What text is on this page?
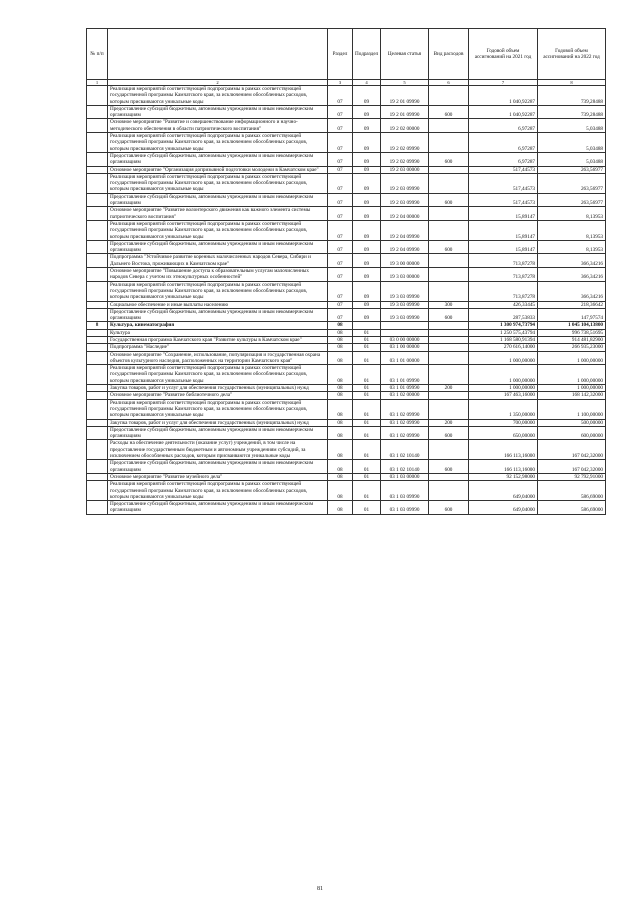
№ п/п		Раздел	Подраздел	Целевая статья	Вид расходов	Годовой объем ассигнований на 2021 год	Годовой объем ассигнований на 2022 год
1	2	3	4	5	6	7	8
	Реализация мероприятий соответствующей подпрограммы в рамках соответствующей государственной программы Камчатского края, за исключением обособленных расходов, которым присваиваются уникальные коды	07	09	19 2 01 09990		1 040,92287	739,28488
	Предоставление субсидий бюджетным, автономным учреждениям и иным некоммерческим организациям	07	09	19 2 01 09990	600	1 040,92287	739,28488
	Основное мероприятие "Развитие и совершенствование информационного и научно-методического обеспечения в области патриотического воспитания"	07	09	19 2 02 00000		6,97287	5,03488
	Реализация мероприятий соответствующей подпрограммы в рамках соответствующей государственной программы Камчатского края, за исключением обособленных расходов, которым присваиваются уникальные коды	07	09	19 2 02 09990		6,97287	5,03488
	Предоставление субсидий бюджетным, автономным учреждениям и иным некоммерческим организациям	07	09	19 2 02 09990	600	6,97287	5,03488
	Основное мероприятие "Организация допризывной подготовки молодежи в Камчатском крае"	07	09	19 2 03 00000		517,44573	263,56977
	Реализация мероприятий соответствующей подпрограммы в рамках соответствующей государственной программы Камчатского края, за исключением обособленных расходов, которым присваиваются уникальные коды	07	09	19 2 03 09990		517,44573	263,56977
	Предоставление субсидий бюджетным, автономным учреждениям и иным некоммерческим организациям	07	09	19 2 03 09990	600	517,44573	263,56977
	Основное мероприятие "Развитие волонтерского движения как важного элемента системы патриотического воспитания"	07	09	19 2 04 00000		15,89147	8,13953
	Реализация мероприятий соответствующей подпрограммы в рамках соответствующей государственной программы Камчатского края, за исключением обособленных расходов, которым присваиваются уникальные коды	07	09	19 2 04 09990		15,89147	8,13953
	Предоставление субсидий бюджетным, автономным учреждениям и иным некоммерческим организациям	07	09	19 2 04 09990	600	15,89147	8,13953
	Подпрограмма "Устойчивое развитие коренных малочисленных народов Севера, Сибири и Дальнего Востока, проживающих в Камчатском крае"	07	09	19 3 00 00000		713,87278	366,34216
	Основное мероприятие "Повышение доступа к образовательным услугам малочисленных народов Севера с учетом их этнокультурных особенностей"	07	09	19 3 03 00000		713,87278	366,34216
	Реализация мероприятий соответствующей подпрограммы в рамках соответствующей государственной программы Камчатского края, за исключением обособленных расходов, которым присваиваются уникальные коды	07	09	19 3 03 09990		713,87278	366,34216
	Социальное обеспечение и иные выплаты населению	07	09	19 3 03 09990	300	426,33445	218,36642
	Предоставление субсидий бюджетным, автономным учреждениям и иным некоммерческим организациям	07	09	19 3 03 09990	600	287,53833	147,97574
8	Культура, кинематография	08				1 300 974,73794	1 045 104,13800
	Культура	08	01			1 250 575,43794	996 738,51695
	Государственная программа Камчатского края "Развитие культуры в Камчатском крае"	08	01	03 0 00 00000		1 168 580,91394	914 481,82900
	Подпрограмма "Наследие"	08	01	03 1 00 00000		270 616,14000	266 935,23000
	Основное мероприятие "Сохранение, использование, популяризация и государственная охрана объектов культурного наследия, расположенных на территории Камчатского края"	08	01	03 1 01 00000		1 000,00000	1 000,00000
	Реализация мероприятий соответствующей подпрограммы в рамках соответствующей государственной программы Камчатского края, за исключением обособленных расходов, которым присваиваются уникальные коды	08	01	03 1 01 09990		1 000,00000	1 000,00000
	Закупка товаров, работ и услуг для обеспечения государственных (муниципальных) нужд	08	01	03 1 01 09990	200	1 000,00000	1 000,00000
	Основное мероприятие "Развитие библиотечного дела"	08	01	03 1 02 00000		167 463,16000	168 142,32000
	Реализация мероприятий соответствующей подпрограммы в рамках соответствующей государственной программы Камчатского края, за исключением обособленных расходов, которым присваиваются уникальные коды	08	01	03 1 02 09990		1 350,00000	1 100,00000
	Закупка товаров, работ и услуг для обеспечения государственных (муниципальных) нужд	08	01	03 1 02 09990	200	700,00000	500,00000
	Предоставление субсидий бюджетным, автономным учреждениям и иным некоммерческим организациям	08	01	03 1 02 09990	600	650,00000	600,00000
	Расходы на обеспечение деятельности (оказание услуг) учреждений, в том числе на предоставление государственным бюджетным и автономным учреждениям субсидий, за исключением обособленных расходов, которым присваиваются уникальные коды	08	01	03 1 02 10140		166 113,16000	167 042,32000
	Предоставление субсидий бюджетным, автономным учреждениям и иным некоммерческим организациям	08	01	03 1 02 10140	600	166 113,16000	167 042,32000
	Основное мероприятие "Развитие музейного дела"	08	01	03 1 03 00000		92 152,98000	92 792,91000
	Реализация мероприятий соответствующей подпрограммы в рамках соответствующей государственной программы Камчатского края, за исключением обособленных расходов, которым присваиваются уникальные коды	08	01	03 1 03 09990		649,04000	586,69000
	Предоставление субсидий бюджетным, автономным учреждениям и иным некоммерческим организациям	08	01	03 1 03 09990	600	649,04000	586,69000
81
